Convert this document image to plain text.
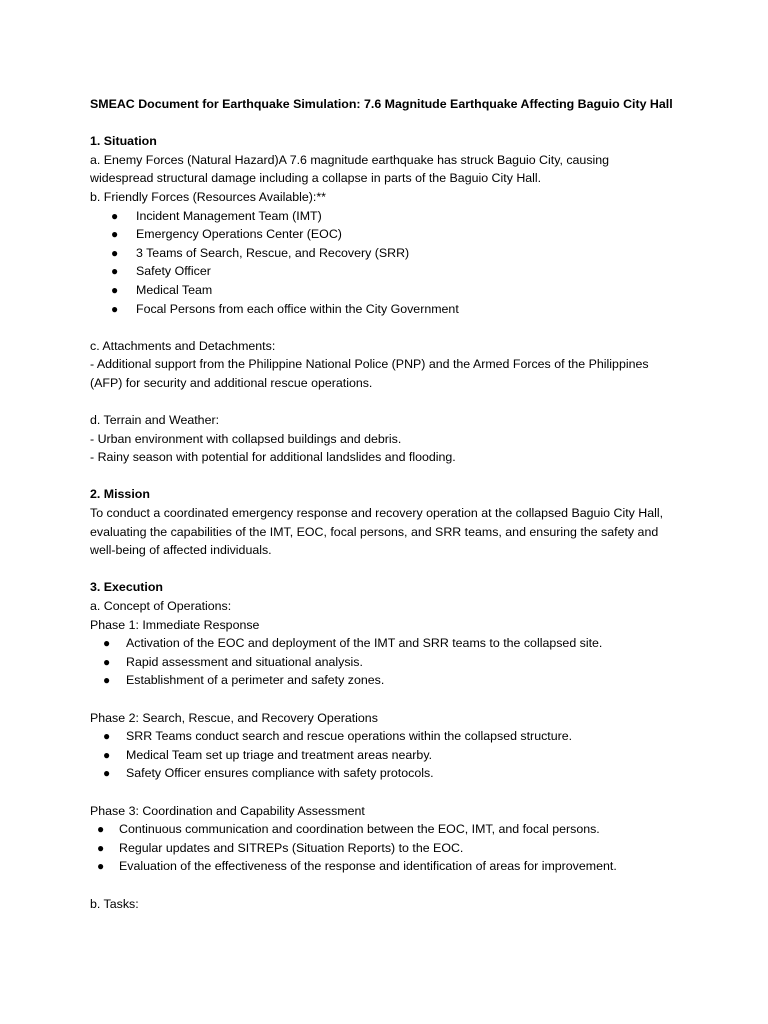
SMEAC Document for Earthquake Simulation: 7.6 Magnitude Earthquake Affecting Baguio City Hall
1. Situation
a. Enemy Forces (Natural Hazard)A 7.6 magnitude earthquake has struck Baguio City, causing
widespread structural damage including a collapse in parts of the Baguio City Hall.
b. Friendly Forces (Resources Available):**
● Incident Management Team (IMT)
● Emergency Operations Center (EOC)
● 3 Teams of Search, Rescue, and Recovery (SRR)
● Safety Officer
● Medical Team
● Focal Persons from each office within the City Government
c. Attachments and Detachments:
- Additional support from the Philippine National Police (PNP) and the Armed Forces of the Philippines
(AFP) for security and additional rescue operations.
d. Terrain and Weather:
- Urban environment with collapsed buildings and debris.
- Rainy season with potential for additional landslides and flooding.
2. Mission
To conduct a coordinated emergency response and recovery operation at the collapsed Baguio City Hall,
evaluating the capabilities of the IMT, EOC, focal persons, and SRR teams, and ensuring the safety and
well-being of affected individuals.
3. Execution
a. Concept of Operations:
Phase 1: Immediate Response
● Activation of the EOC and deployment of the IMT and SRR teams to the collapsed site.
● Rapid assessment and situational analysis.
● Establishment of a perimeter and safety zones.
Phase 2: Search, Rescue, and Recovery Operations
● SRR Teams conduct search and rescue operations within the collapsed structure.
● Medical Team set up triage and treatment areas nearby.
● Safety Officer ensures compliance with safety protocols.
Phase 3: Coordination and Capability Assessment
● Continuous communication and coordination between the EOC, IMT, and focal persons.
● Regular updates and SITREPs (Situation Reports) to the EOC.
● Evaluation of the effectiveness of the response and identification of areas for improvement.
b. Tasks:
